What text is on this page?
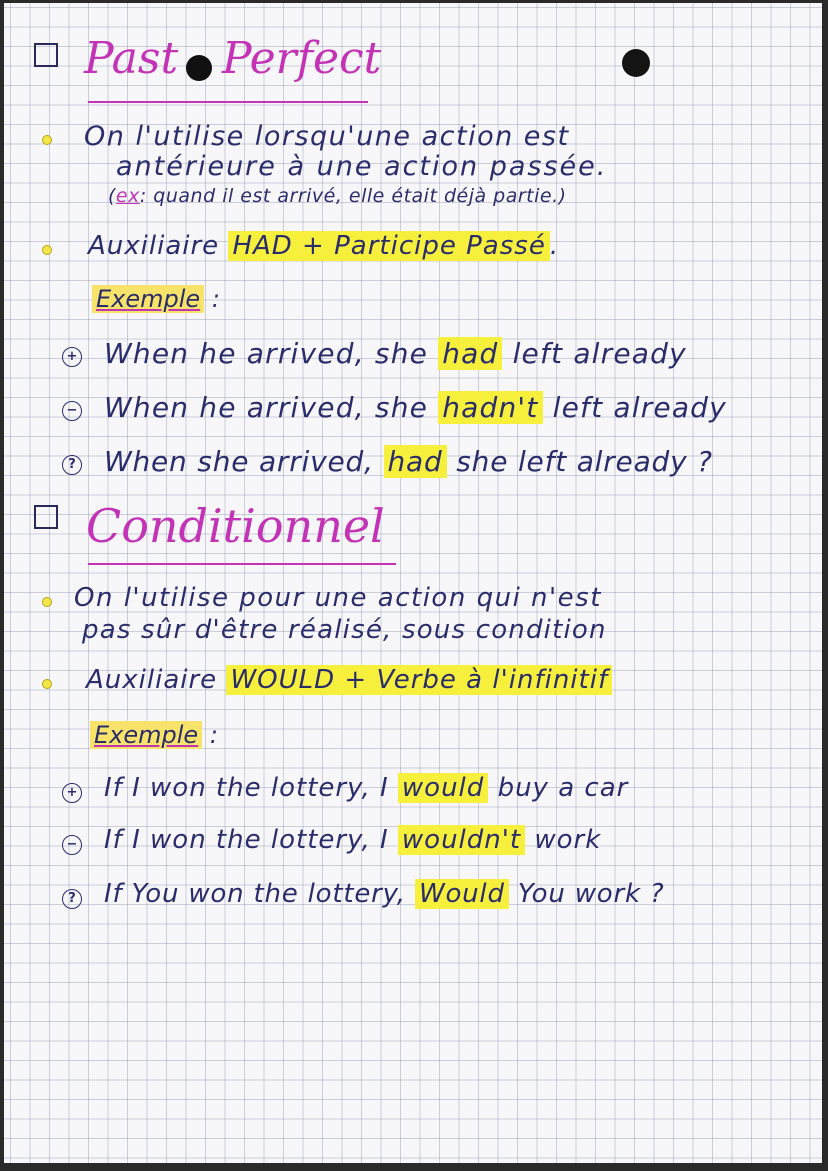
Past Perfect
On l'utilise lorsqu'une action est
antérieure à une action passée.
(ex: quand il est arrivé, elle était déjà partie.)
Auxiliaire HAD + Participe Passé .
Exemple :
+ When he arrived, she had left already
− When he arrived, she hadn't left already
? When she arrived, had she left already ?
Conditionnel
On l'utilise pour une action qui n'est
pas sûr d'être réalisé, sous condition
Auxiliaire WOULD + Verbe à l'infinitif
Exemple :
+ If I won the lottery, I would buy a car
− If I won the lottery, I wouldn't work
? If You won the lottery, Would You work ?
